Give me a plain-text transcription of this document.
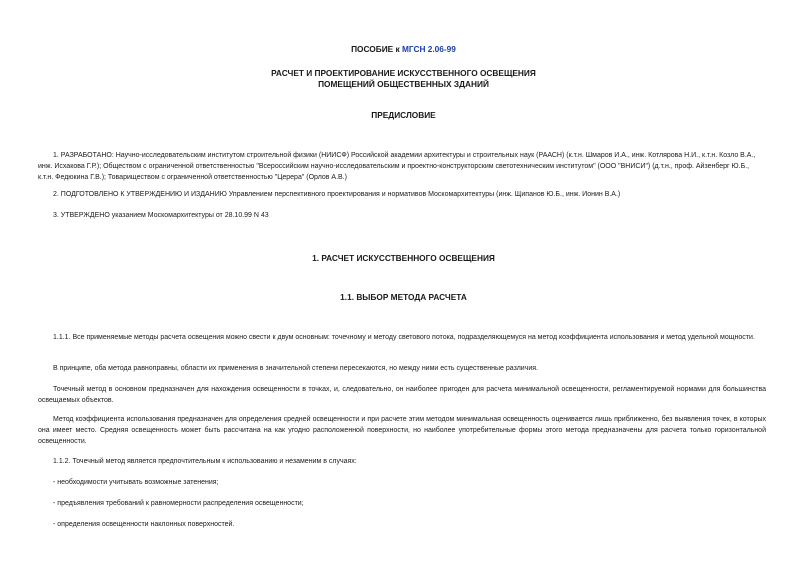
ПОСОБИЕ к МГСН 2.06-99
РАСЧЕТ И ПРОЕКТИРОВАНИЕ ИСКУССТВЕННОГО ОСВЕЩЕНИЯ
ПОМЕЩЕНИЙ ОБЩЕСТВЕННЫХ ЗДАНИЙ
ПРЕДИСЛОВИЕ
1. РАЗРАБОТАНО: Научно-исследовательским институтом строительной физики (НИИСФ) Российской академии архитектуры и строительных наук (РААСН) (к.т.н. Шмаров И.А., инж. Котлярова Н.И., к.т.н. Козло В.А., инж. Исхакова Г.Р.); Обществом с ограниченной ответственностью "Всероссийским научно-исследовательским и проектно-конструкторским светотехническим институтом" (ООО "ВНИСИ") (д.т.н., проф. Айзенберг Ю.Б., к.т.н. Федюкина Г.В.); Товариществом с ограниченной ответственностью "Церера" (Орлов А.В.)
2. ПОДГОТОВЛЕНО К УТВЕРЖДЕНИЮ И ИЗДАНИЮ Управлением перспективного проектирования и нормативов Москомархитектуры (инж. Щипанов Ю.Б., инж. Ионин В.А.)
3. УТВЕРЖДЕНО указанием Москомархитектуры от 28.10.99 N 43
1. РАСЧЕТ ИСКУССТВЕННОГО ОСВЕЩЕНИЯ
1.1. ВЫБОР МЕТОДА РАСЧЕТА
1.1.1. Все применяемые методы расчета освещения можно свести к двум основным: точечному и методу светового потока, подразделяющемуся на метод коэффициента использования и метод удельной мощности.
В принципе, оба метода равноправны, области их применения в значительной степени пересекаются, но между ними есть существенные различия.
Точечный метод в основном предназначен для нахождения освещенности в точках, и, следовательно, он наиболее пригоден для расчета минимальной освещенности, регламентируемой нормами для большинства освещаемых объектов.
Метод коэффициента использования предназначен для определения средней освещенности и при расчете этим методом минимальная освещенность оценивается лишь приближенно, без выявления точек, в которых она имеет место. Средняя освещенность может быть рассчитана на как угодно расположенной поверхности, но наиболее употребительные формы этого метода предназначены для расчета только горизонтальной освещенности.
1.1.2. Точечный метод является предпочтительным к использованию и незаменим в случаях:
- необходимости учитывать возможные затенения;
- предъявления требований к равномерности распределения освещенности;
- определения освещенности наклонных поверхностей.
